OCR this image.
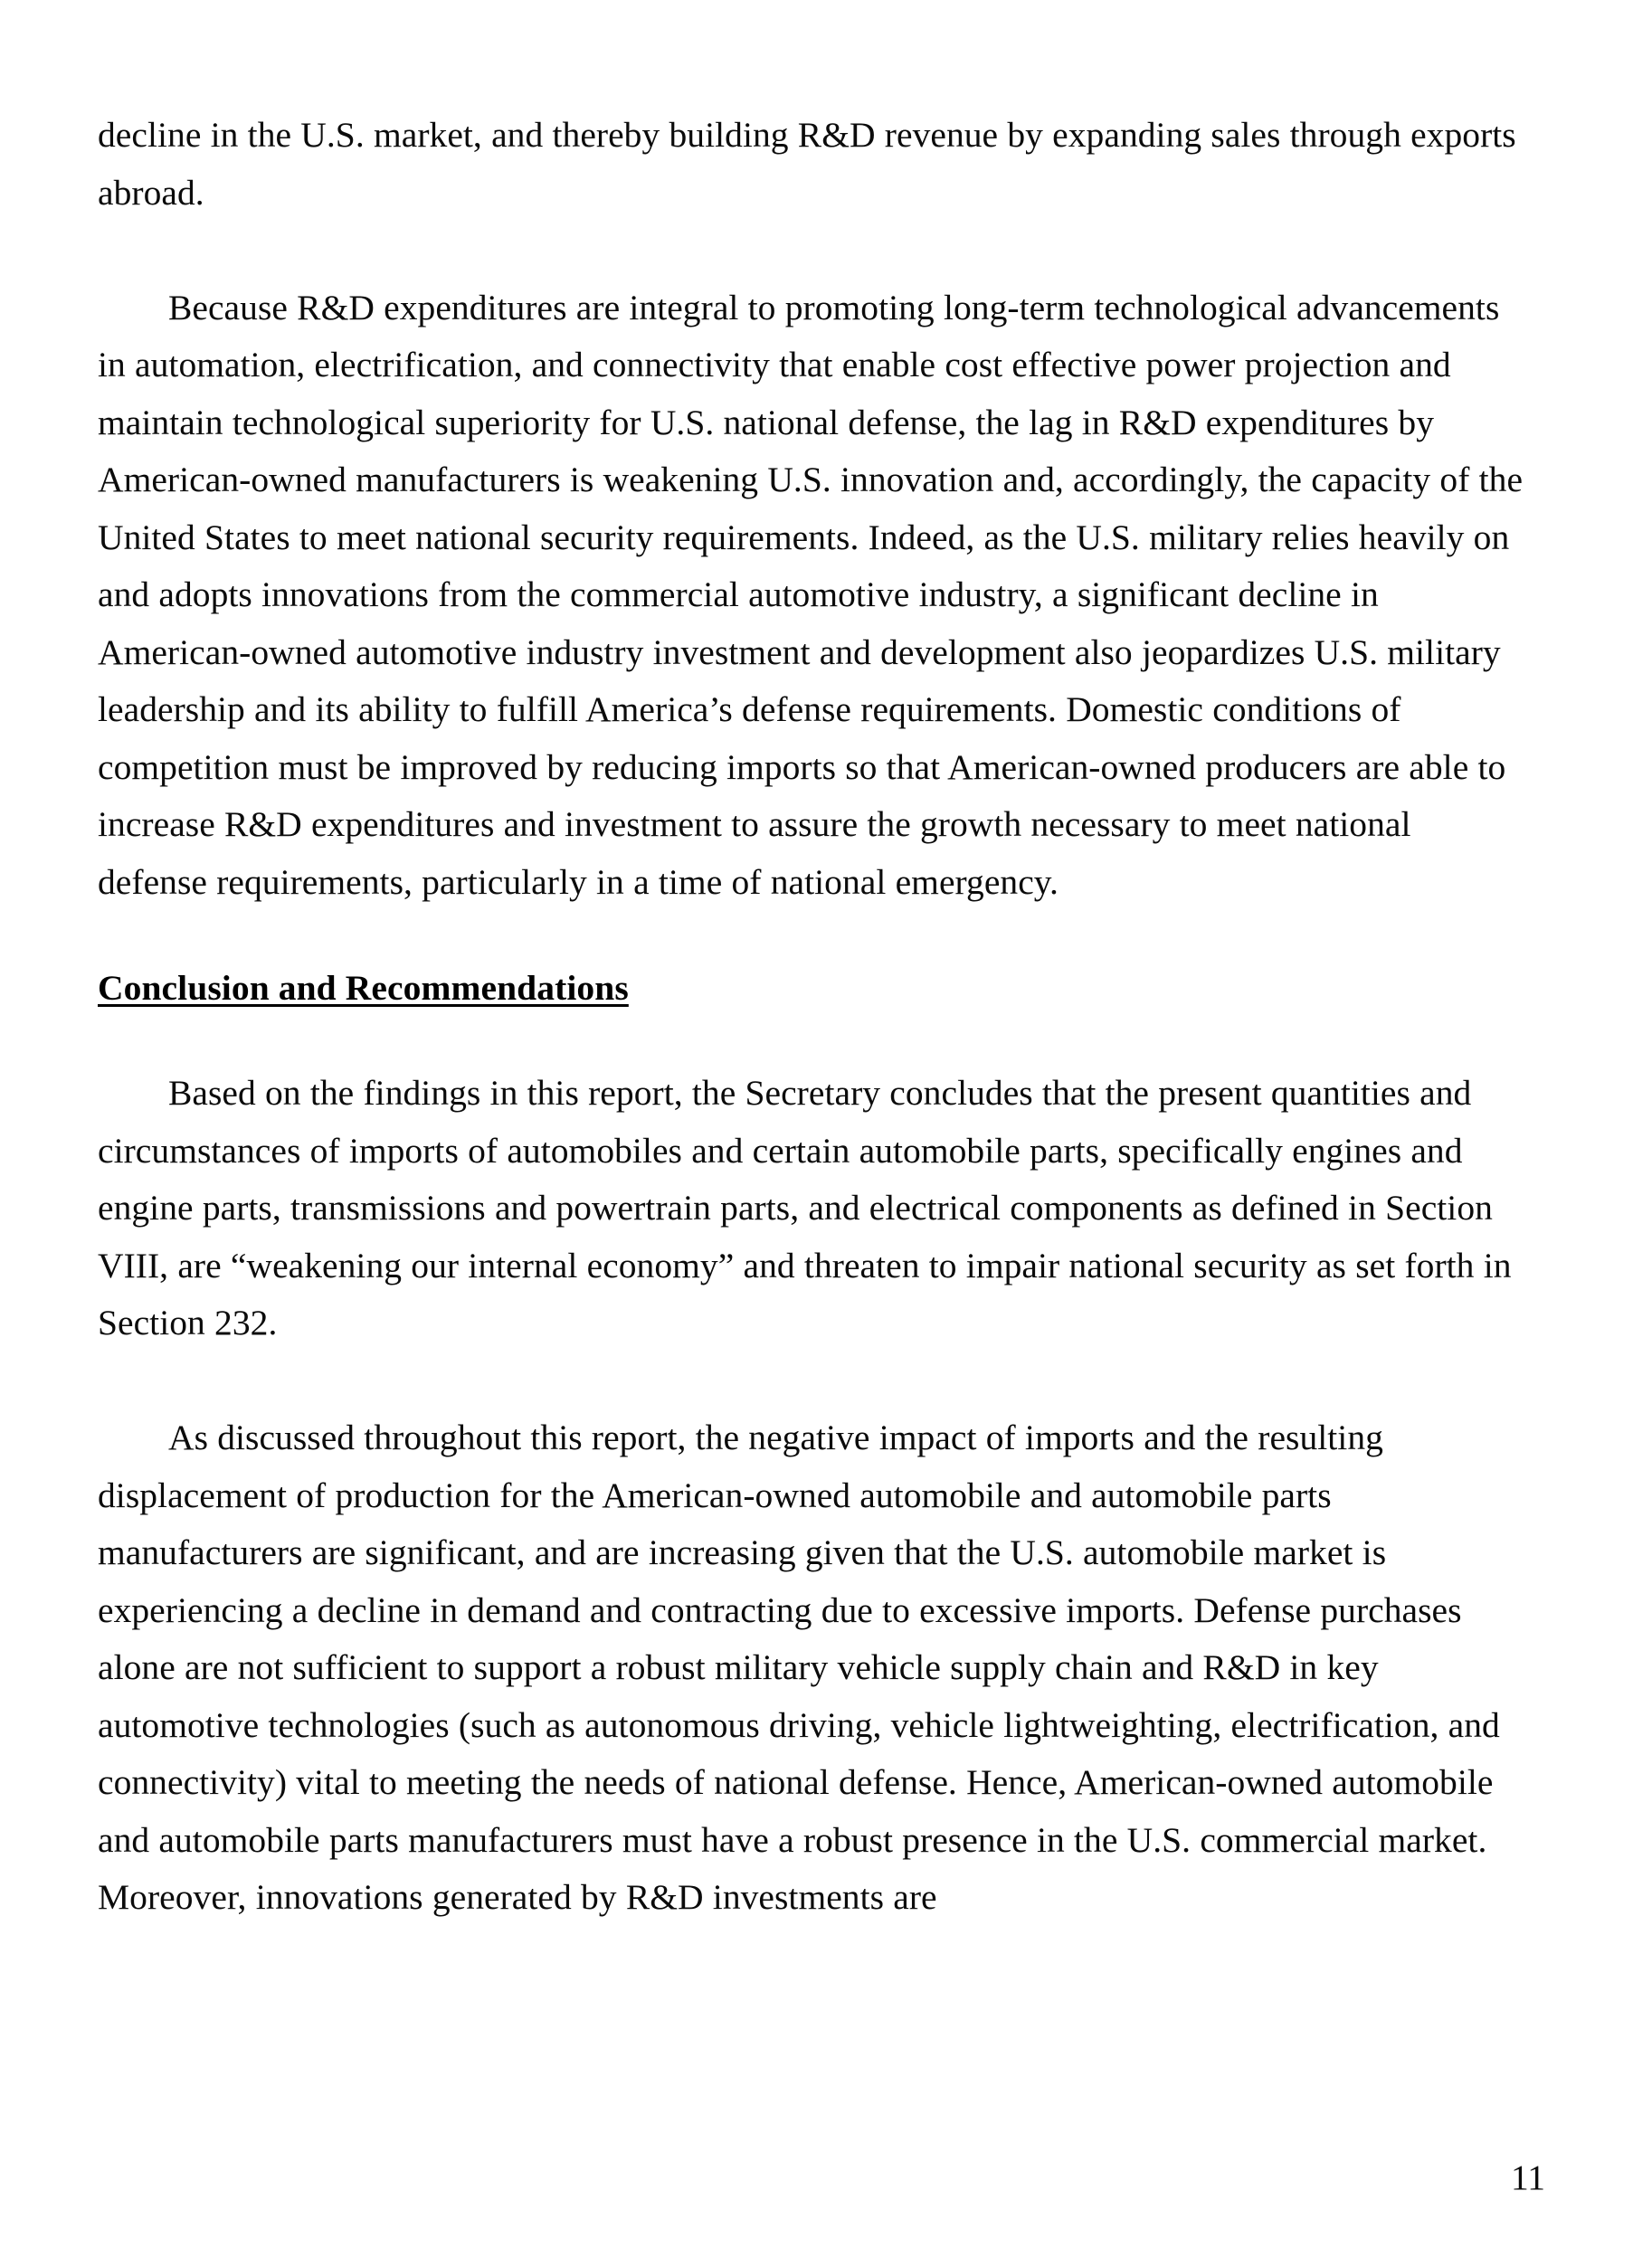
decline in the U.S. market, and thereby building R&D revenue by expanding sales through exports abroad.

Because R&D expenditures are integral to promoting long-term technological advancements in automation, electrification, and connectivity that enable cost effective power projection and maintain technological superiority for U.S. national defense, the lag in R&D expenditures by American-owned manufacturers is weakening U.S. innovation and, accordingly, the capacity of the United States to meet national security requirements. Indeed, as the U.S. military relies heavily on and adopts innovations from the commercial automotive industry, a significant decline in American-owned automotive industry investment and development also jeopardizes U.S. military leadership and its ability to fulfill America’s defense requirements. Domestic conditions of competition must be improved by reducing imports so that American-owned producers are able to increase R&D expenditures and investment to assure the growth necessary to meet national defense requirements, particularly in a time of national emergency.

Conclusion and Recommendations

Based on the findings in this report, the Secretary concludes that the present quantities and circumstances of imports of automobiles and certain automobile parts, specifically engines and engine parts, transmissions and powertrain parts, and electrical components as defined in Section VIII, are “weakening our internal economy” and threaten to impair national security as set forth in Section 232.

As discussed throughout this report, the negative impact of imports and the resulting displacement of production for the American-owned automobile and automobile parts manufacturers are significant, and are increasing given that the U.S. automobile market is experiencing a decline in demand and contracting due to excessive imports. Defense purchases alone are not sufficient to support a robust military vehicle supply chain and R&D in key automotive technologies (such as autonomous driving, vehicle lightweighting, electrification, and connectivity) vital to meeting the needs of national defense. Hence, American-owned automobile and automobile parts manufacturers must have a robust presence in the U.S. commercial market. Moreover, innovations generated by R&D investments are

11
